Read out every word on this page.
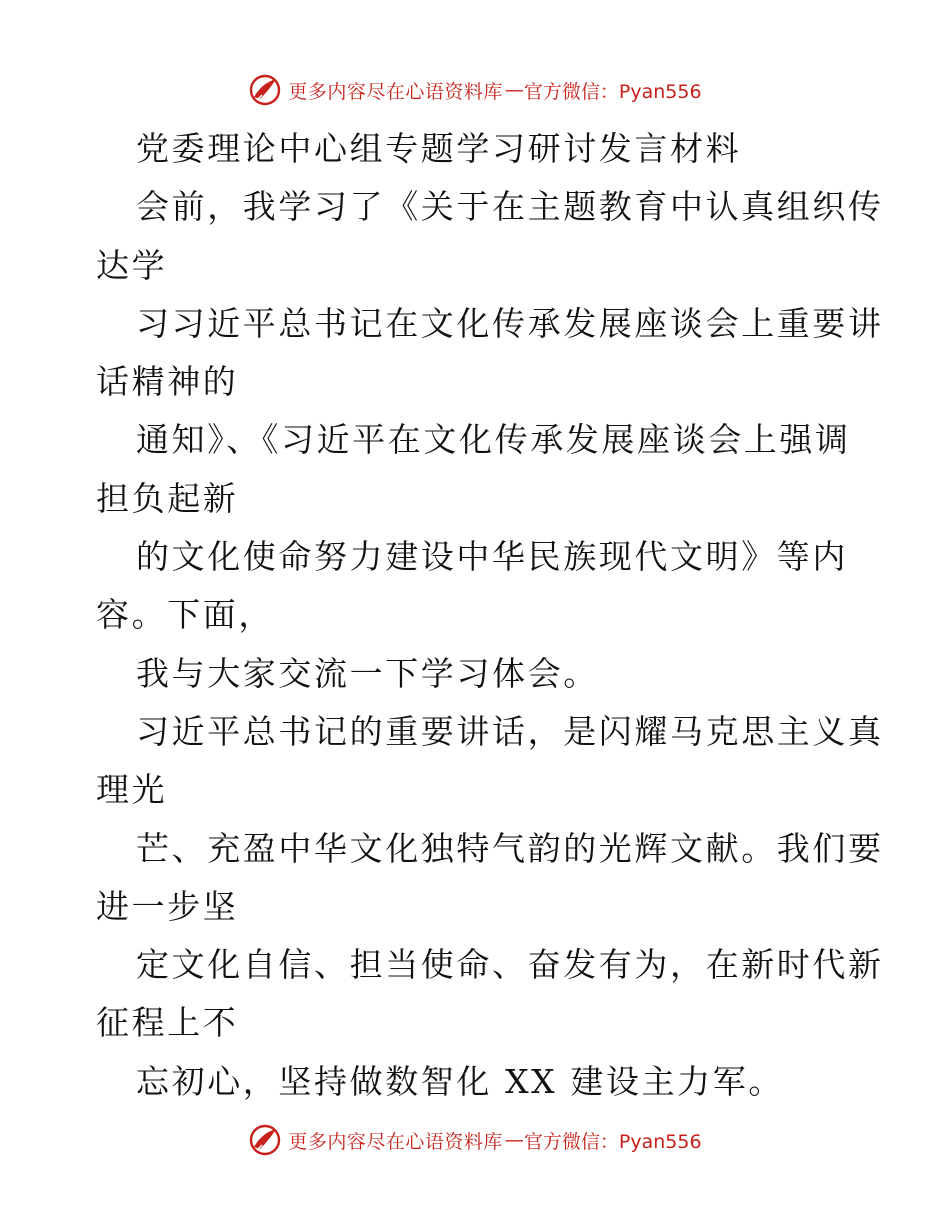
更多内容尽在心语资料库 — 官方微信：Pyan556
党委理论中心组专题学习研讨发言材料
会前，我学习了《关于在主题教育中认真组织传
达学
习习近平总书记在文化传承发展座谈会上重要讲
话精神的
通知》、《习近平在文化传承发展座谈会上强调
担负起新
的文化使命努力建设中华民族现代文明》等内
容。下面，
我与大家交流一下学习体会。
习近平总书记的重要讲话，是闪耀马克思主义真
理光
芒、充盈中华文化独特气韵的光辉文献。我们要
进一步坚
定文化自信、担当使命、奋发有为，在新时代新
征程上不
忘初心，坚持做数智化 XX 建设主力军。
更多内容尽在心语资料库 — 官方微信：Pyan556
